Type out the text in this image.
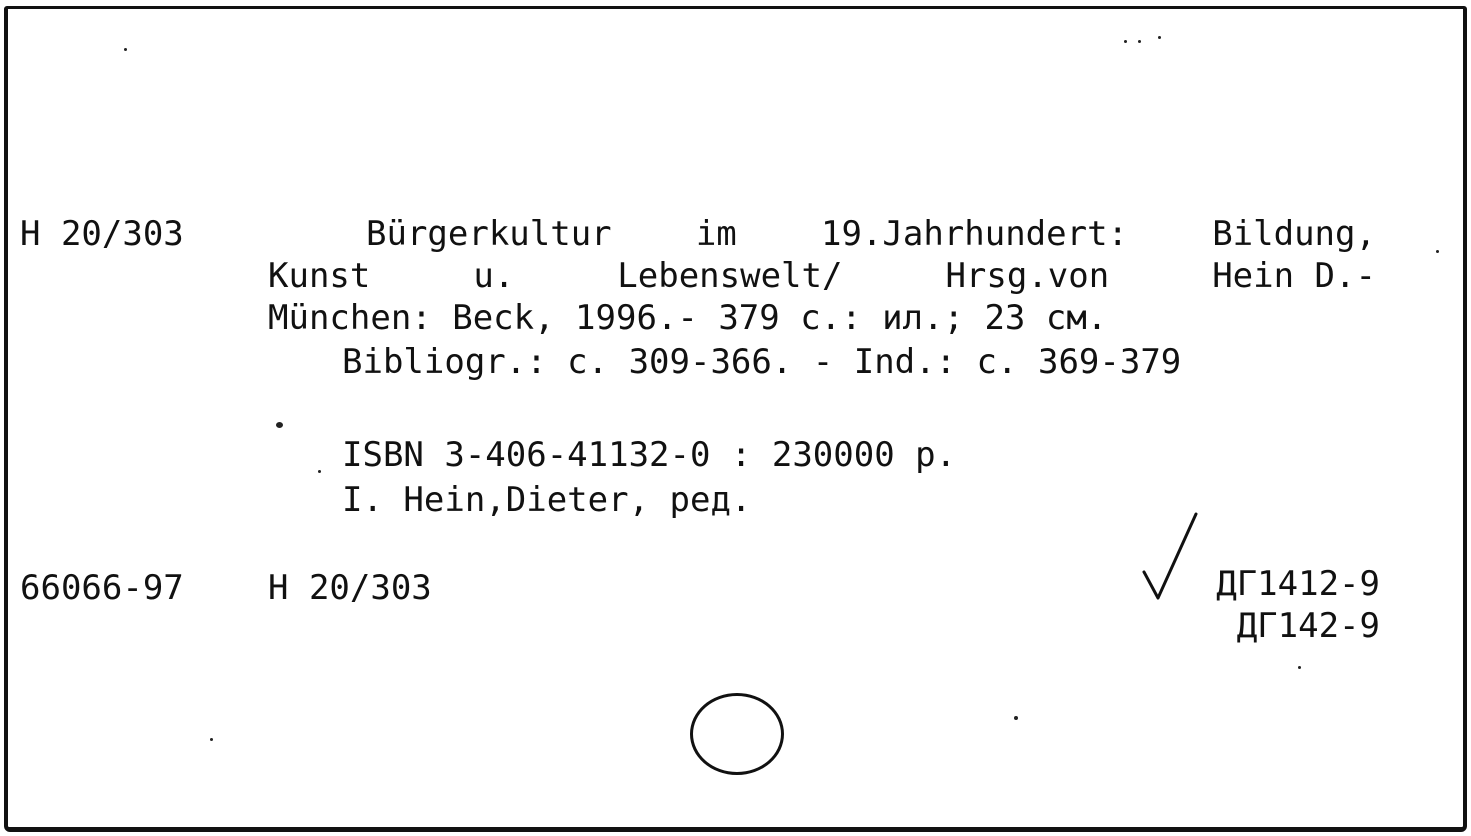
H 20/303	Bürgerkultur im 19.Jahrhundert: Bildung,
Kunst	u.	Lebenswelt/	Hrsg.von	Hein D.-
München: Beck, 1996.- 379 c.: ил.; 23 см.
Bibliogr.: c. 309-366. - Ind.: c. 369-379
ISBN 3-406-41132-0 : 230000 p.
I. Hein,Dieter, ред.
66066-97 H 20/303	ДГ1412-9
ДГ142-9
